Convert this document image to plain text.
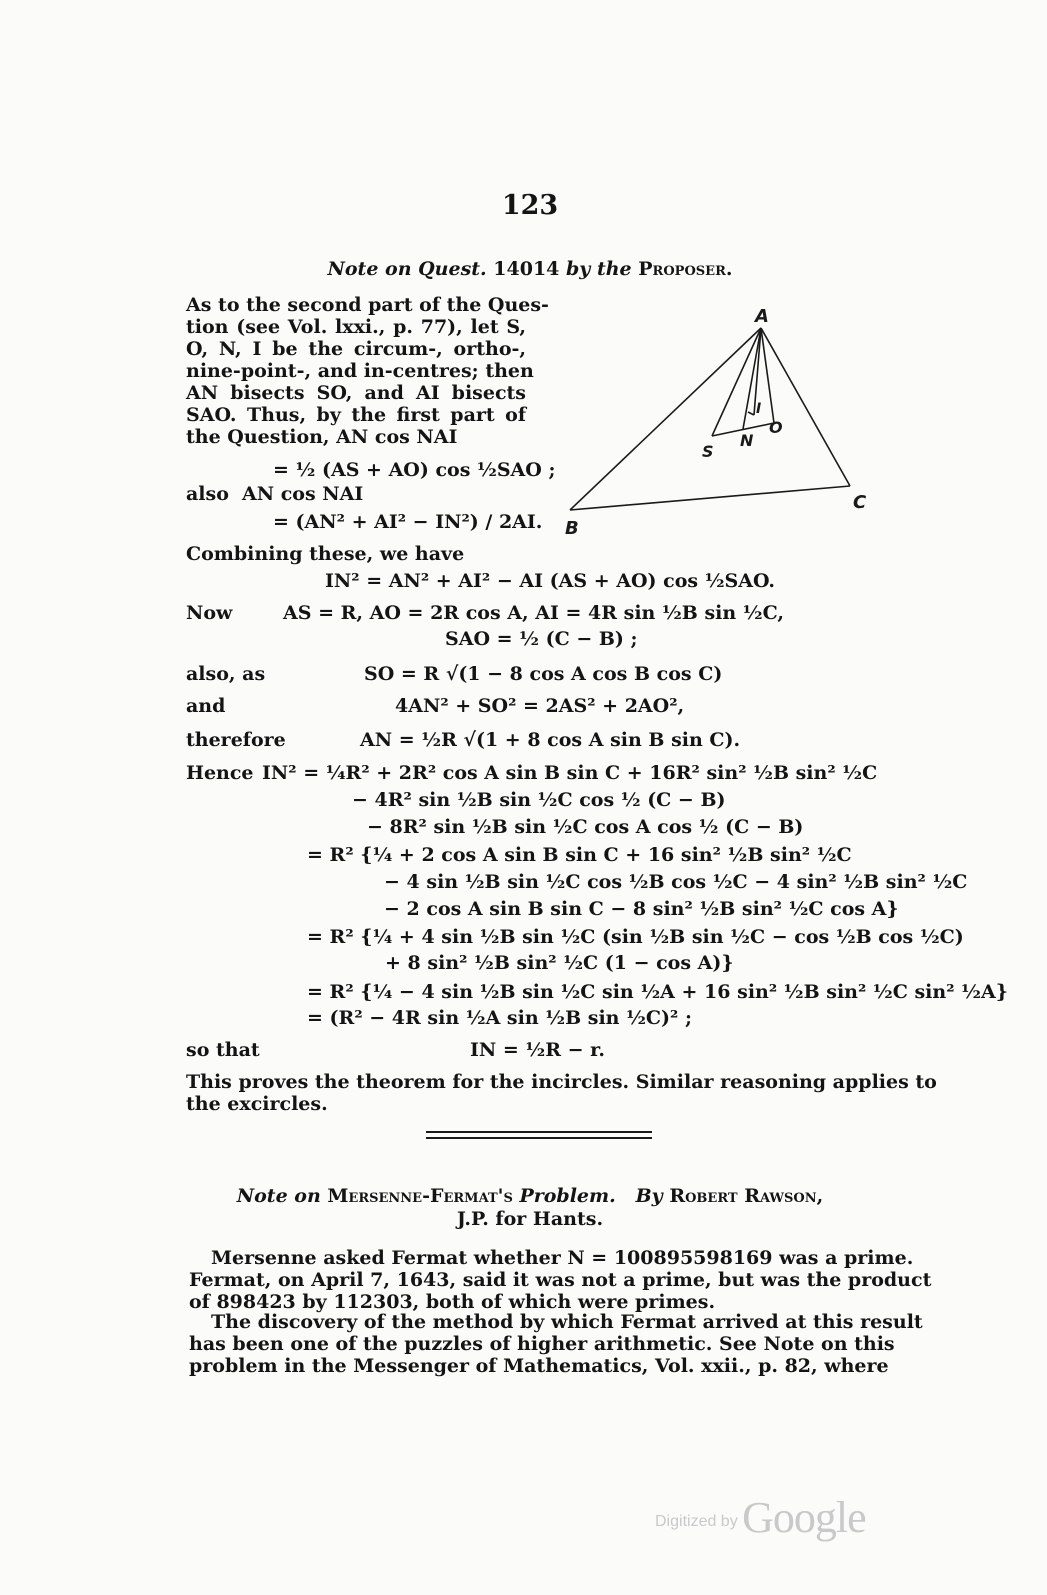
123
Note on Quest. 14014 by the Proposer.
As to the second part of the Ques-
tion (see Vol. lxxi., p. 77), let S,
O, N, I be the circum-, ortho-,
nine-point-, and in-centres; then
AN bisects SO, and AI bisects
SAO. Thus, by the first part of
the Question, AN cos NAI
= ½ (AS + AO) cos ½SAO ;
also AN cos NAI
= (AN² + AI² − IN²) / 2AI.
A
B
C
S
N
O
I
Combining these, we have
IN² = AN² + AI² − AI (AS + AO) cos ½SAO.
Now	AS = R, AO = 2R cos A, AI = 4R sin ½B sin ½C,
SAO = ½ (C − B) ;
also, as	SO = R √(1 − 8 cos A cos B cos C)
and	4AN² + SO² = 2AS² + 2AO²,
therefore	AN = ½R √(1 + 8 cos A sin B sin C).
Hence IN² = ¼R² + 2R² cos A sin B sin C + 16R² sin² ½B sin² ½C
− 4R² sin ½B sin ½C cos ½ (C − B)
− 8R² sin ½B sin ½C cos A cos ½ (C − B)
= R² {¼ + 2 cos A sin B sin C + 16 sin² ½B sin² ½C
− 4 sin ½B sin ½C cos ½B cos ½C − 4 sin² ½B sin² ½C
− 2 cos A sin B sin C − 8 sin² ½B sin² ½C cos A}
= R² {¼ + 4 sin ½B sin ½C (sin ½B sin ½C − cos ½B cos ½C)
+ 8 sin² ½B sin² ½C (1 − cos A)}
= R² {¼ − 4 sin ½B sin ½C sin ½A + 16 sin² ½B sin² ½C sin² ½A}
= (R² − 4R sin ½A sin ½B sin ½C)² ;
so that	IN = ½R − r.
This proves the theorem for the incircles. Similar reasoning applies to
the excircles.
Note on Mersenne-Fermat's Problem. By Robert Rawson,
J.P. for Hants.
Mersenne asked Fermat whether N = 100895598169 was a prime.
Fermat, on April 7, 1643, said it was not a prime, but was the product
of 898423 by 112303, both of which were primes.
The discovery of the method by which Fermat arrived at this result
has been one of the puzzles of higher arithmetic. See Note on this
problem in the Messenger of Mathematics, Vol. xxii., p. 82, where
Digitized by Google
